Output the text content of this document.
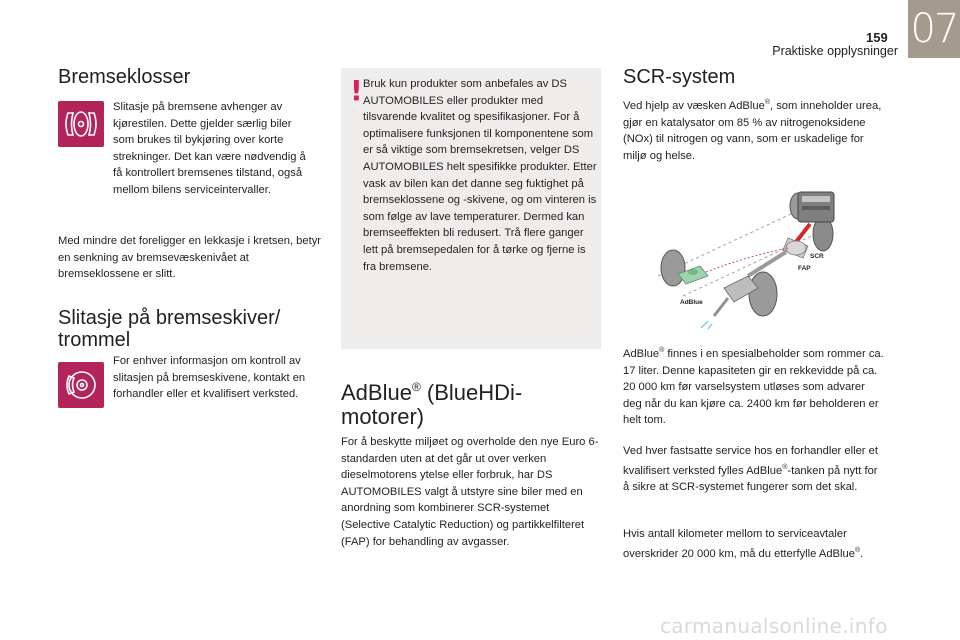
159
Praktiske opplysninger 07
Bremseklosser
Slitasje på bremsene avhenger av kjørestilen. Dette gjelder særlig biler som brukes til bykjøring over korte strekninger. Det kan være nødvendig å få kontrollert bremsenes tilstand, også mellom bilens serviceintervaller.
Med mindre det foreligger en lekkasje i kretsen, betyr en senkning av bremsevæskenivået at bremseklossene er slitt.
Slitasje på bremseskiver/
trommel
For enhver informasjon om kontroll av slitasjen på bremseskivene, kontakt en forhandler eller et kvalifisert verksted.
! Bruk kun produkter som anbefales av DS AUTOMOBILES eller produkter med tilsvarende kvalitet og spesifikasjoner. For å optimalisere funksjonen til komponentene som er så viktige som bremsekretsen, velger DS AUTOMOBILES helt spesifikke produkter. Etter vask av bilen kan det danne seg fuktighet på bremseklossene og -skivene, og om vinteren is som følge av lave temperaturer. Dermed kan bremseeffekten bli redusert. Trå flere ganger lett på bremsepedalen for å tørke og fjerne is fra bremsene.
AdBlue® (BlueHDi-
motorer)
For å beskytte miljøet og overholde den nye Euro 6-standarden uten at det går ut over verken dieselmotorens ytelse eller forbruk, har DS AUTOMOBILES valgt å utstyre sine biler med en anordning som kombinerer SCR-systemet (Selective Catalytic Reduction) og partikkelfilteret (FAP) for behandling av avgasser.
SCR-system
Ved hjelp av væsken AdBlue®, som inneholder urea, gjør en katalysator om 85 % av nitrogenoksidene (NOx) til nitrogen og vann, som er uskadelige for miljø og helse.
SCR
FAP
AdBlue
AdBlue® finnes i en spesialbeholder som rommer ca. 17 liter. Denne kapasiteten gir en rekkevidde på ca. 20 000 km før varselsystem utløses som advarer deg når du kan kjøre ca. 2400 km før beholderen er helt tom.
Ved hver fastsatte service hos en forhandler eller et kvalifisert verksted fylles AdBlue®-tanken på nytt for å sikre at SCR-systemet fungerer som det skal.
Hvis antall kilometer mellom to serviceavtaler overskrider 20 000 km, må du etterfylle AdBlue®.
carmanualsonline.info
